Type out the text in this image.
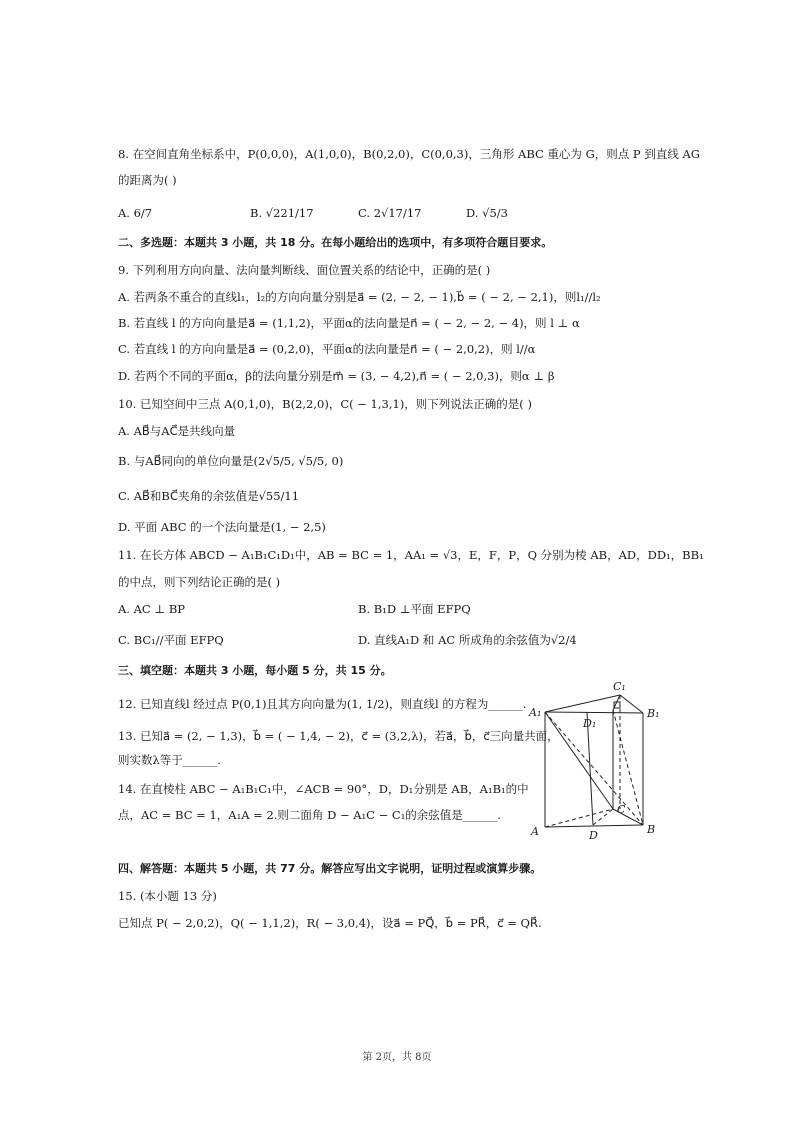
8. 在空间直角坐标系中，P(0,0,0)，A(1,0,0)，B(0,2,0)，C(0,0,3)，三角形 ABC 重心为 G，则点 P 到直线 AG
的距离为( )
A. 6/7	B. √221/17	C. 2√17/17	D. √5/3
二、多选题：本题共 3 小题，共 18 分。在每小题给出的选项中，有多项符合题目要求。
9. 下列利用方向向量、法向量判断线、面位置关系的结论中，正确的是( )
A. 若两条不重合的直线l₁，l₂的方向向量分别是a⃗ = (2, − 2, − 1),b⃗ = ( − 2, − 2,1)，则l₁//l₂
B. 若直线 l 的方向向量是a⃗ = (1,1,2)，平面α的法向量是n⃗ = ( − 2, − 2, − 4)，则 l ⊥ α
C. 若直线 l 的方向向量是a⃗ = (0,2,0)，平面α的法向量是n⃗ = ( − 2,0,2)，则 l//α
D. 若两个不同的平面α，β的法向量分别是m⃗ = (3, − 4,2),n⃗ = ( − 2,0,3)，则α ⊥ β
10. 已知空间中三点 A(0,1,0)，B(2,2,0)，C( − 1,3,1)，则下列说法正确的是( )
A. AB⃗与AC⃗是共线向量
B. 与AB⃗同向的单位向量是(2√5/5, √5/5, 0)
C. AB⃗和BC⃗夹角的余弦值是√55/11
D. 平面 ABC 的一个法向量是(1, − 2,5)
11. 在长方体 ABCD − A₁B₁C₁D₁中，AB = BC = 1，AA₁ = √3，E，F，P，Q 分别为棱 AB，AD，DD₁，BB₁
的中点，则下列结论正确的是( )
A. AC ⊥ BP	B. B₁D ⊥平面 EFPQ
C. BC₁//平面 EFPQ	D. 直线A₁D 和 AC 所成角的余弦值为√2/4
三、填空题：本题共 3 小题，每小题 5 分，共 15 分。
12. 已知直线l 经过点 P(0,1)且其方向向量为(1, 1/2)，则直线l 的方程为______.
13. 已知a⃗ = (2, − 1,3)，b⃗ = ( − 1,4, − 2)，c⃗ = (3,2,λ)，若a⃗，b⃗，c⃗三向量共面，
则实数λ等于______.
14. 在直棱柱 ABC − A₁B₁C₁中，∠ACB = 90°，D，D₁分别是 AB，A₁B₁的中
点，AC = BC = 1，A₁A = 2.则二面角 D − A₁C − C₁的余弦值是______.
C₁
A₁
D₁
B₁
C
A	D	B
四、解答题：本题共 5 小题，共 77 分。解答应写出文字说明，证明过程或演算步骤。
15. (本小题 13 分)
已知点 P( − 2,0,2)，Q( − 1,1,2)，R( − 3,0,4)，设a⃗ = PQ⃗，b⃗ = PR⃗，c⃗ = QR⃗.
第 2页，共 8页
